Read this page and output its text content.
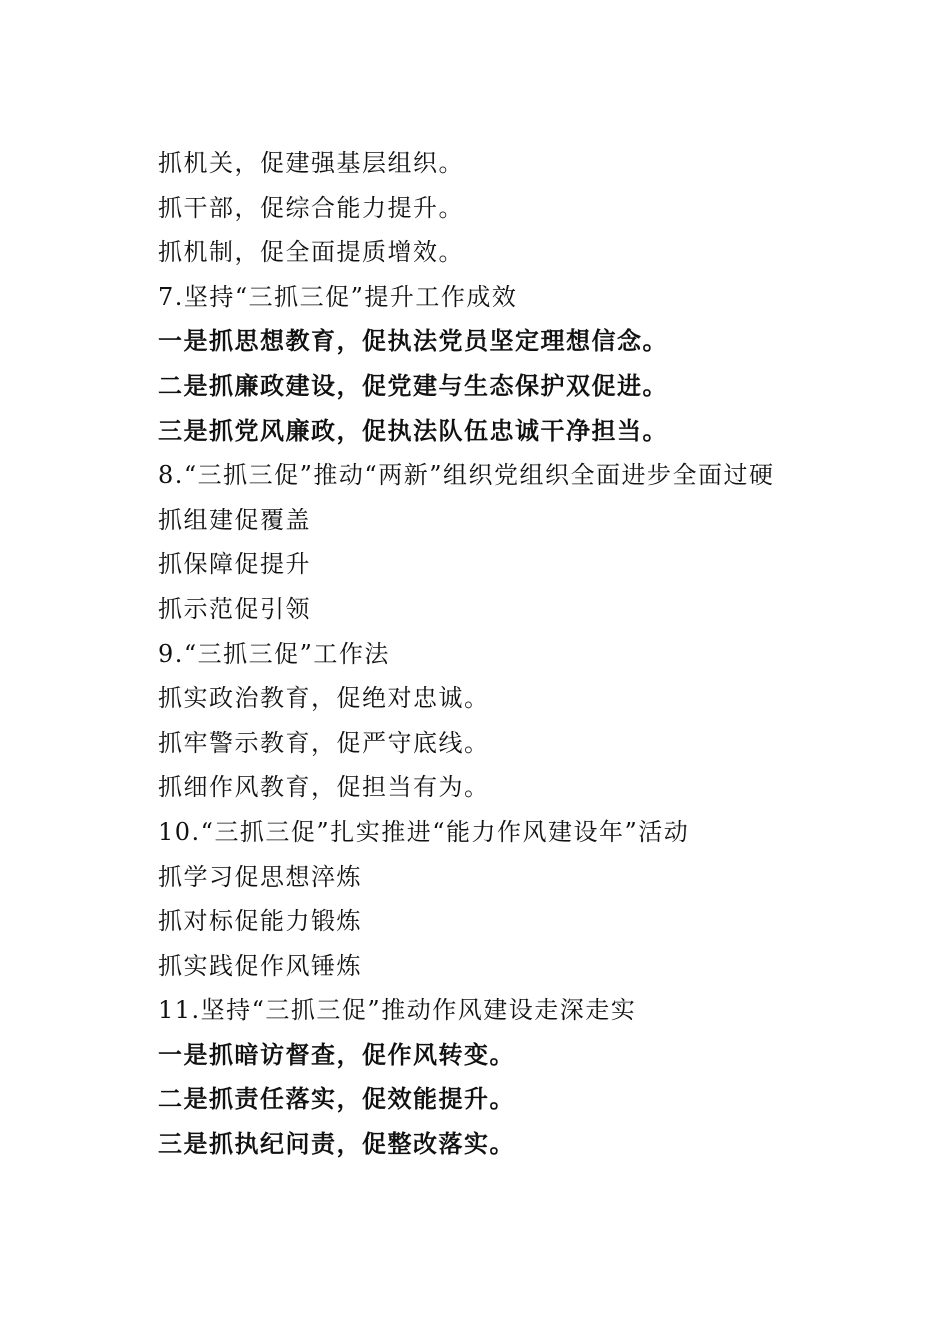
抓机关，促建强基层组织。
抓干部，促综合能力提升。
抓机制，促全面提质增效。
7.坚持“三抓三促”提升工作成效
一是抓思想教育，促执法党员坚定理想信念。
二是抓廉政建设，促党建与生态保护双促进。
三是抓党风廉政，促执法队伍忠诚干净担当。
8.“三抓三促”推动“两新”组织党组织全面进步全面过硬
抓组建促覆盖
抓保障促提升
抓示范促引领
9.“三抓三促”工作法
抓实政治教育，促绝对忠诚。
抓牢警示教育，促严守底线。
抓细作风教育，促担当有为。
10.“三抓三促”扎实推进“能力作风建设年”活动
抓学习促思想淬炼
抓对标促能力锻炼
抓实践促作风锤炼
11.坚持“三抓三促”推动作风建设走深走实
一是抓暗访督查，促作风转变。
二是抓责任落实，促效能提升。
三是抓执纪问责，促整改落实。
